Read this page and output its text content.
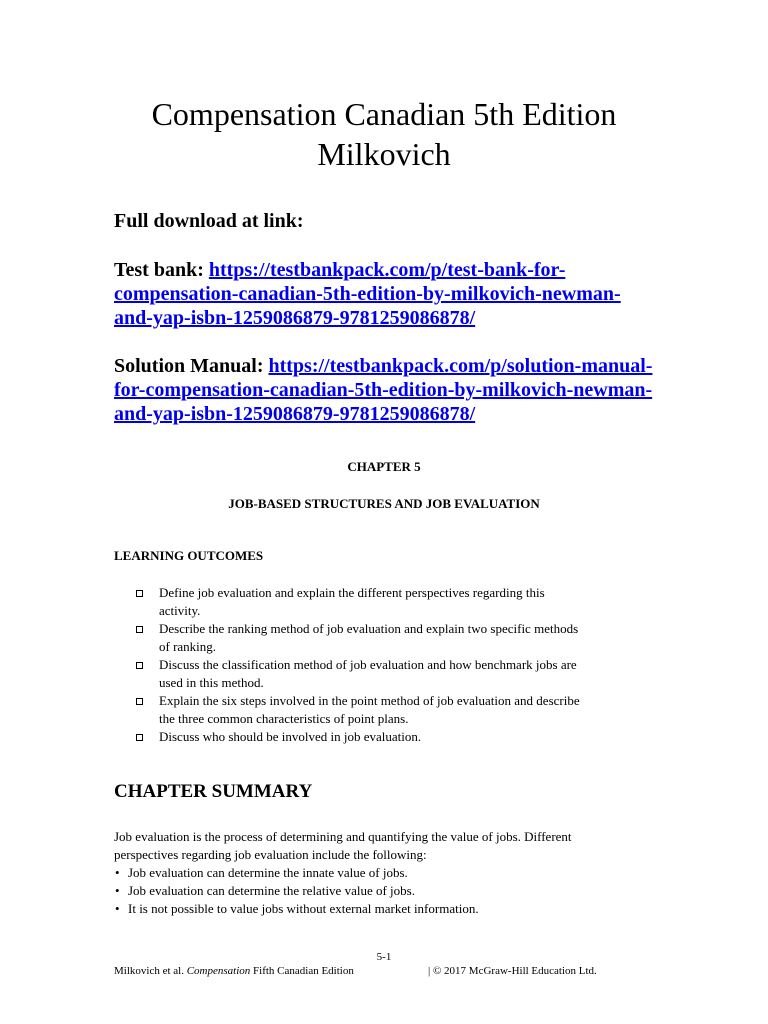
Compensation Canadian 5th Edition
Milkovich

Full download at link:

Test bank: https://testbankpack.com/p/test-bank-for-
compensation-canadian-5th-edition-by-milkovich-newman-
and-yap-isbn-1259086879-9781259086878/
Solution Manual: https://testbankpack.com/p/solution-manual-
for-compensation-canadian-5th-edition-by-milkovich-newman-
and-yap-isbn-1259086879-9781259086878/

CHAPTER 5

JOB-BASED STRUCTURES AND JOB EVALUATION

LEARNING OUTCOMES

Define job evaluation and explain the different perspectives regarding this
activity.
Describe the ranking method of job evaluation and explain two specific methods
of ranking.
Discuss the classification method of job evaluation and how benchmark jobs are
used in this method.
Explain the six steps involved in the point method of job evaluation and describe
the three common characteristics of point plans.
Discuss who should be involved in job evaluation.

CHAPTER SUMMARY

Job evaluation is the process of determining and quantifying the value of jobs. Different
perspectives regarding job evaluation include the following:

• Job evaluation can determine the innate value of jobs.
• Job evaluation can determine the relative value of jobs.
• It is not possible to value jobs without external market information.
5-1
Milkovich et al. Compensation Fifth Canadian Edition	| © 2017 McGraw-Hill Education Ltd.
